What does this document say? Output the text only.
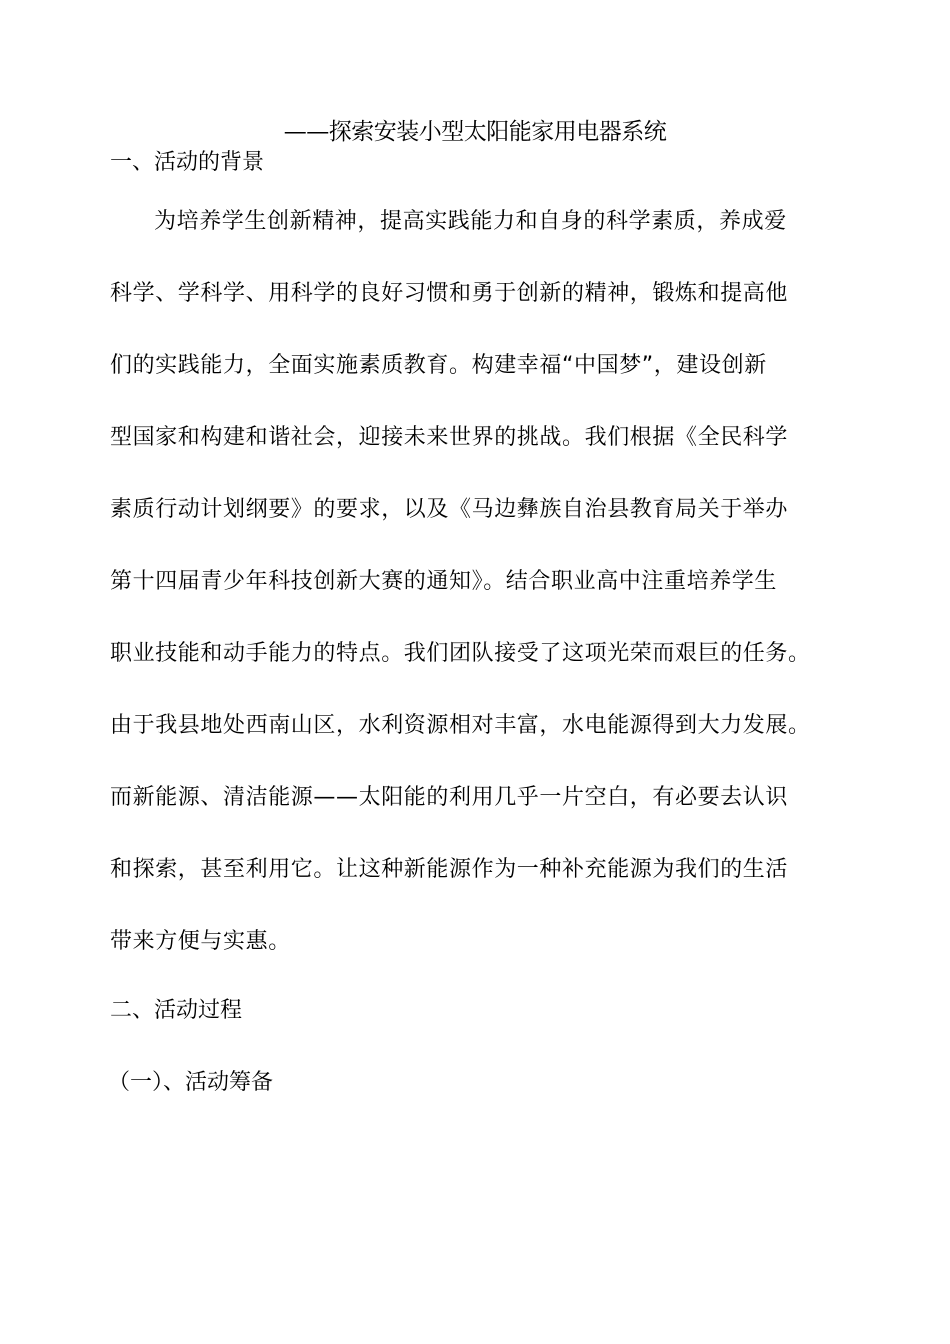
——探索安装小型太阳能家用电器系统
一、活动的背景
为培养学生创新精神，提高实践能力和自身的科学素质，养成爱
科学、学科学、用科学的良好习惯和勇于创新的精神，锻炼和提高他
们的实践能力，全面实施素质教育。构建幸福“中国梦”，建设创新
型国家和构建和谐社会，迎接未来世界的挑战。我们根据《全民科学
素质行动计划纲要》的要求，以及《马边彝族自治县教育局关于举办
第十四届青少年科技创新大赛的通知》。结合职业高中注重培养学生
职业技能和动手能力的特点。我们团队接受了这项光荣而艰巨的任务。
由于我县地处西南山区，水利资源相对丰富，水电能源得到大力发展。
而新能源、清洁能源——太阳能的利用几乎一片空白，有必要去认识
和探索，甚至利用它。让这种新能源作为一种补充能源为我们的生活
带来方便与实惠。
二、活动过程
（一）、活动筹备
